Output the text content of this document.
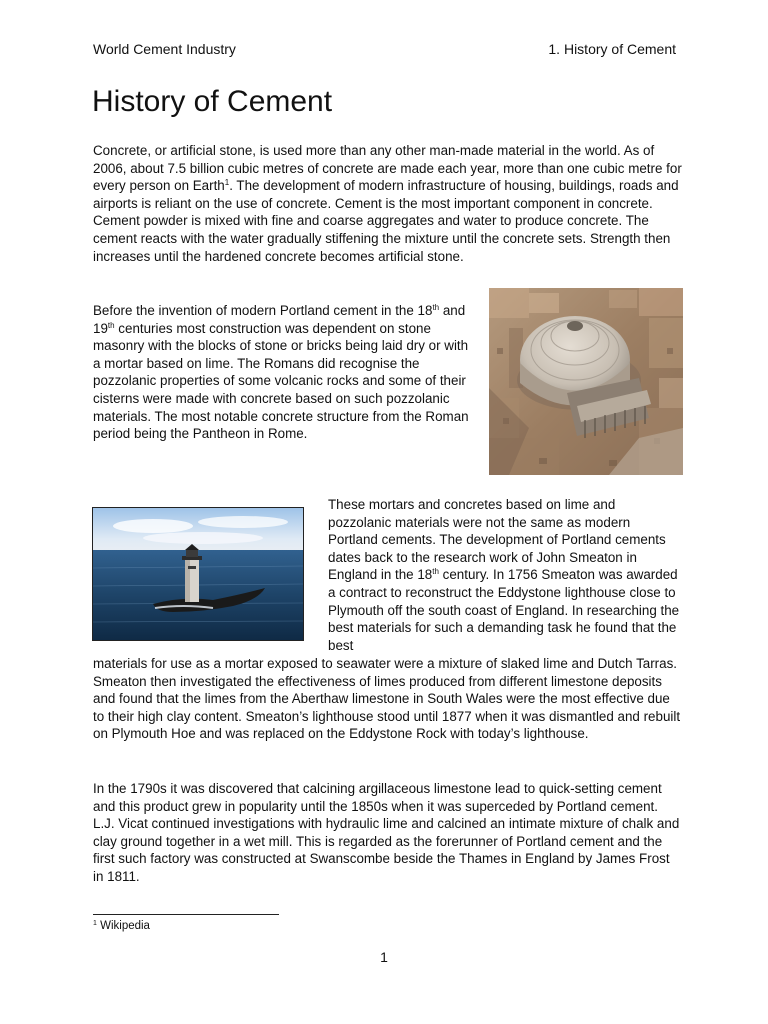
World Cement Industry	1. History of Cement
History of Cement

Concrete, or artificial stone, is used more than any other man-made material in the world. As of 2006, about 7.5 billion cubic metres of concrete are made each year, more than one cubic metre for every person on Earth$^1$. The development of modern infrastructure of housing, buildings, roads and airports is reliant on the use of concrete. Cement is the most important component in concrete. Cement powder is mixed with fine and coarse aggregates and water to produce concrete. The cement reacts with the water gradually stiffening the mixture until the concrete sets. Strength then increases until the hardened concrete becomes artificial stone.

Before the invention of modern Portland cement in the 18th and 19th centuries most construction was dependent on stone masonry with the blocks of stone or bricks being laid dry or with a mortar based on lime. The Romans did recognise the pozzolanic properties of some volcanic rocks and some of their cisterns were made with concrete based on such pozzolanic materials. The most notable concrete structure from the Roman period being the Pantheon in Rome.

These mortars and concretes based on lime and pozzolanic materials were not the same as modern Portland cements. The development of Portland cements dates back to the research work of John Smeaton in England in the 18th century. In 1756 Smeaton was awarded a contract to reconstruct the Eddystone lighthouse close to Plymouth off the south coast of England. In researching the best materials for such a demanding task he found that the best

materials for use as a mortar exposed to seawater were a mixture of slaked lime and Dutch Tarras. Smeaton then investigated the effectiveness of limes produced from different limestone deposits and found that the limes from the Aberthaw limestone in South Wales were the most effective due to their high clay content. Smeaton’s lighthouse stood until 1877 when it was dismantled and rebuilt on Plymouth Hoe and was replaced on the Eddystone Rock with today’s lighthouse.

In the 1790s it was discovered that calcining argillaceous limestone lead to quick-setting cement and this product grew in popularity until the 1850s when it was superceded by Portland cement. L.J. Vicat continued investigations with hydraulic lime and calcined an intimate mixture of chalk and clay ground together in a wet mill. This is regarded as the forerunner of Portland cement and the first such factory was constructed at Swanscombe beside the Thames in England by James Frost in 1811.

$^1$ Wikipedia
1
